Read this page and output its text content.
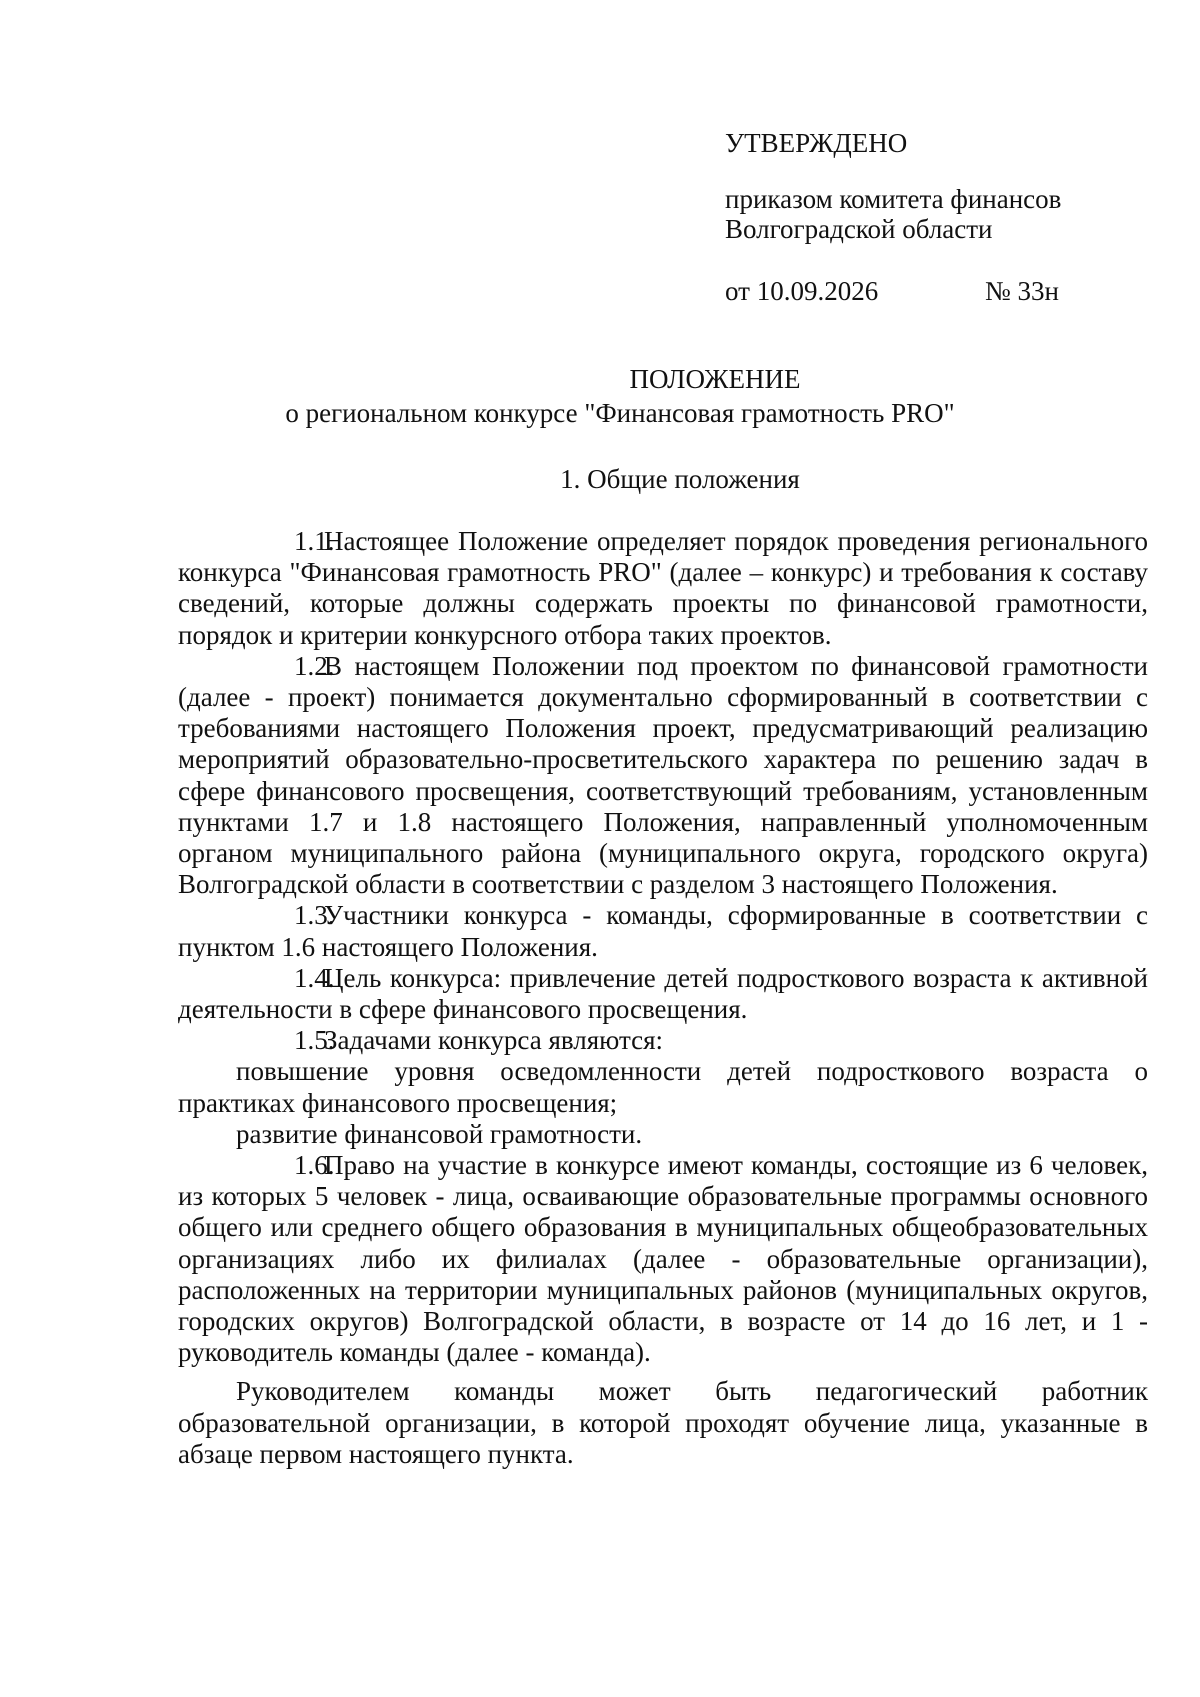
УТВЕРЖДЕНО
приказом комитета финансов
Волгоградской области
от 10.09.2026	№ 33н
ПОЛОЖЕНИЕ
о региональном конкурсе "Финансовая грамотность PRO"
1. Общие положения

1.1.Настоящее Положение определяет порядок проведения регионального конкурса "Финансовая грамотность PRO" (далее – конкурс) и требования к составу сведений, которые должны содержать проекты по финансовой грамотности, порядок и критерии конкурсного отбора таких проектов.

1.2.В настоящем Положении под проектом по финансовой грамотности (далее - проект) понимается документально сформированный в соответствии с требованиями настоящего Положения проект, предусматривающий реализацию мероприятий образовательно-просветительского характера по решению задач в сфере финансового просвещения, соответствующий требованиям, установленным пунктами 1.7 и 1.8 настоящего Положения, направленный уполномоченным органом муниципального района (муниципального округа, городского округа) Волгоградской области в соответствии с разделом 3 настоящего Положения.

1.3.Участники конкурса - команды, сформированные в соответствии с пунктом 1.6 настоящего Положения.

1.4.Цель конкурса: привлечение детей подросткового возраста к активной деятельности в сфере финансового просвещения.

1.5.Задачами конкурса являются:

повышение уровня осведомленности детей подросткового возраста о практиках финансового просвещения;

развитие финансовой грамотности.

1.6.Право на участие в конкурсе имеют команды, состоящие из 6 человек, из которых 5 человек - лица, осваивающие образовательные программы основного общего или среднего общего образования в муниципальных общеобразовательных организациях либо их филиалах (далее - образовательные организации), расположенных на территории муниципальных районов (муниципальных округов, городских округов) Волгоградской области, в возрасте от 14 до 16 лет, и 1 - руководитель команды (далее - команда).

Руководителем команды может быть педагогический работник образовательной организации, в которой проходят обучение лица, указанные в абзаце первом настоящего пункта.
